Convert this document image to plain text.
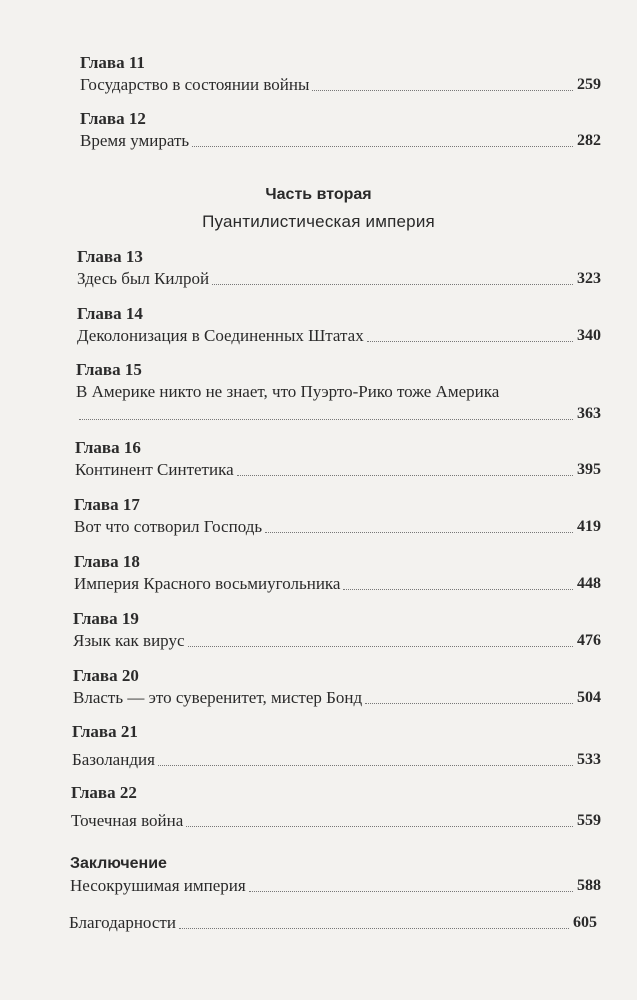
Глава 11
Государство в состоянии войны	259
Глава 12
Время умирать	282
Часть вторая
Пуантилистическая империя
Глава 13
Здесь был Килрой	323
Глава 14
Деколонизация в Соединенных Штатах	340
Глава 15
В Америке никто не знает, что Пуэрто-Рико тоже Америка
363
Глава 16
Континент Синтетика	395
Глава 17
Вот что сотворил Господь	419
Глава 18
Империя Красного восьмиугольника	448
Глава 19
Язык как вирус	476
Глава 20
Власть — это суверенитет, мистер Бонд	504
Глава 21
Базоландия	533
Глава 22
Точечная война	559
Заключение
Несокрушимая империя	588
Благодарности	605
